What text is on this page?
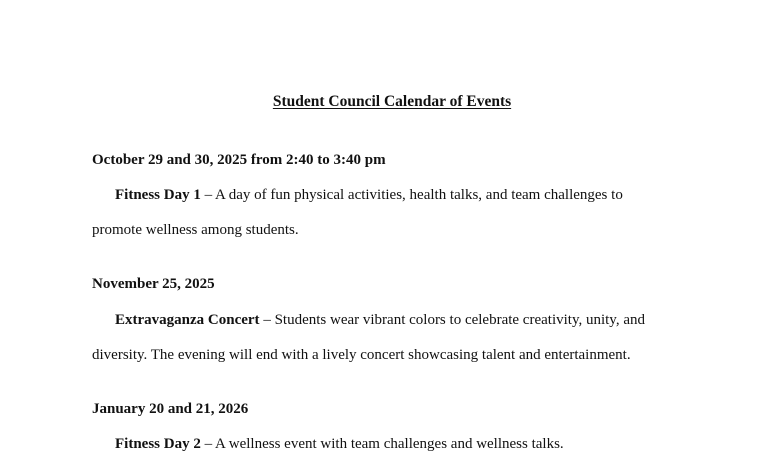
Student Council Calendar of Events
October 29 and 30, 2025 from 2:40 to 3:40 pm
Fitness Day 1 – A day of fun physical activities, health talks, and team challenges to
promote wellness among students.
November 25, 2025
Extravaganza Concert – Students wear vibrant colors to celebrate creativity, unity, and
diversity. The evening will end with a lively concert showcasing talent and entertainment.
January 20 and 21, 2026
Fitness Day 2 – A wellness event with team challenges and wellness talks.
